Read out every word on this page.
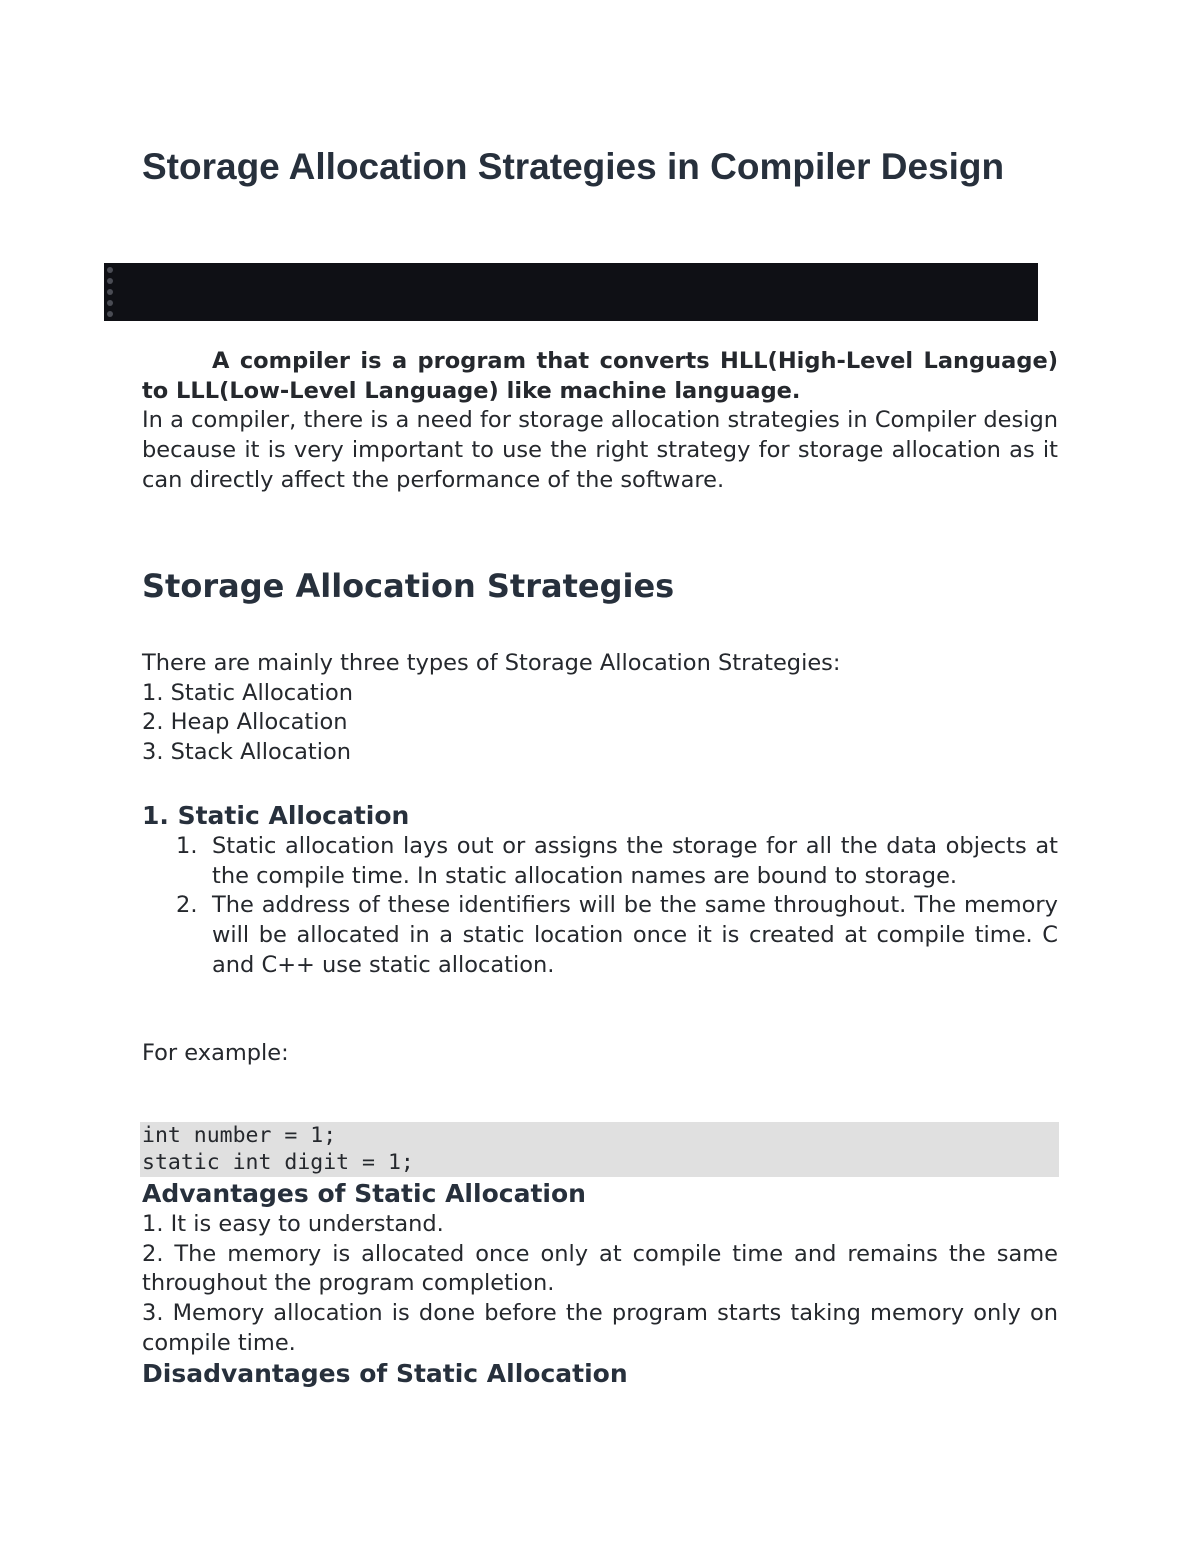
Storage Allocation Strategies in Compiler Design

A compiler is a program that converts HLL(High-Level Language) to LLL(Low-Level Language) like machine language.
In a compiler, there is a need for storage allocation strategies in Compiler design because it is very important to use the right strategy for storage allocation as it can directly affect the performance of the software.

Storage Allocation Strategies
There are mainly three types of Storage Allocation Strategies:
1. Static Allocation
2. Heap Allocation
3. Stack Allocation
1. Static Allocation
1. Static allocation lays out or assigns the storage for all the data objects at the compile time. In static allocation names are bound to storage.
2. The address of these identifiers will be the same throughout. The memory will be allocated in a static location once it is created at compile time. C and C++ use static allocation.

For example:

int number = 1;
static int digit = 1;
Advantages of Static Allocation
1. It is easy to understand.
2. The memory is allocated once only at compile time and remains the same throughout the program completion.
3. Memory allocation is done before the program starts taking memory only on compile time.
Disadvantages of Static Allocation
